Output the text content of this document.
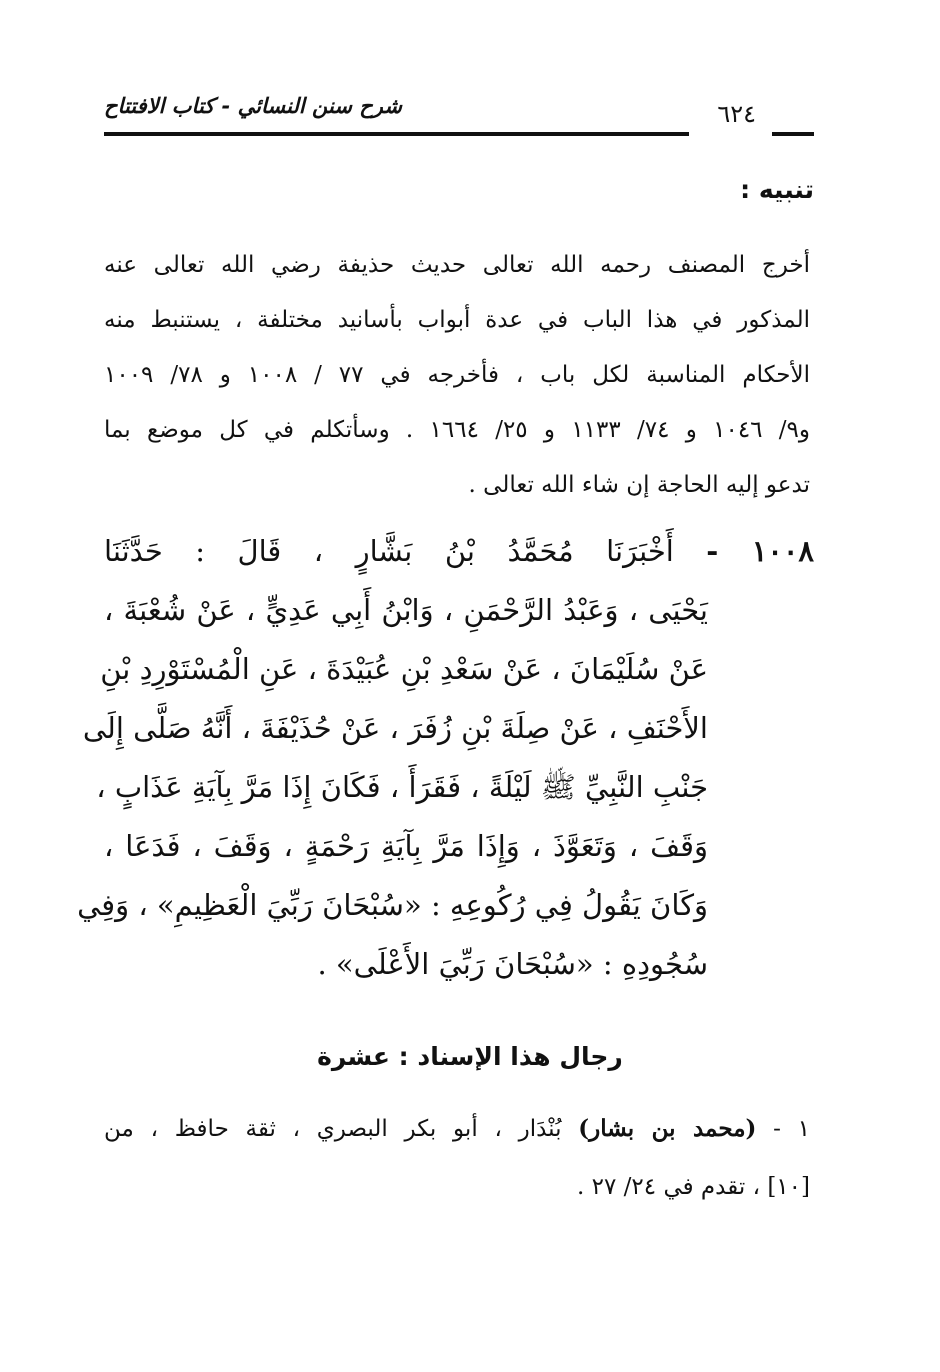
شرح سنن النسائي - كتاب الافتتاح	٦٢٤
تنبيه :
أخرج المصنف رحمه الله تعالى حديث حذيفة رضي الله تعالى عنه
المذكور في هذا الباب في عدة أبواب بأسانيد مختلفة ، يستنبط منه
الأحكام المناسبة لكل باب ، فأخرجه في ٧٧ / ١٠٠٨ و ٧٨/ ١٠٠٩
و٩/ ١٠٤٦ و ٧٤/ ١١٣٣ و ٢٥/ ١٦٦٤ . وسأتكلم في كل موضع بما
تدعو إليه الحاجة إن شاء الله تعالى .
١٠٠٨ - أَخْبَرَنَا مُحَمَّدُ بْنُ بَشَّارٍ ، قَالَ : حَدَّثَنَا
يَحْيَى ، وَعَبْدُ الرَّحْمَنِ ، وَابْنُ أَبِي عَدِيٍّ ، عَنْ شُعْبَةَ ،
عَنْ سُلَيْمَانَ ، عَنْ سَعْدِ بْنِ عُبَيْدَةَ ، عَنِ الْمُسْتَوْرِدِ بْنِ
الأَحْنَفِ ، عَنْ صِلَةَ بْنِ زُفَرَ ، عَنْ حُذَيْفَةَ ، أَنَّهُ صَلَّى إِلَى
جَنْبِ النَّبِيِّ ﷺ لَيْلَةً ، فَقَرَأَ ، فَكَانَ إِذَا مَرَّ بِآيَةِ عَذَابٍ ،
وَقَفَ ، وَتَعَوَّذَ ، وَإِذَا مَرَّ بِآيَةِ رَحْمَةٍ ، وَقَفَ ، فَدَعَا ،
وَكَانَ يَقُولُ فِي رُكُوعِهِ : «سُبْحَانَ رَبِّيَ الْعَظِيمِ» ، وَفِي
سُجُودِهِ : «سُبْحَانَ رَبِّيَ الأَعْلَى» .
رجال هذا الإسناد : عشرة
١ - (محمد بن بشار) بُنْدَار ، أبو بكر البصري ، ثقة حافظ ، من
[١٠] ، تقدم في ٢٤/ ٢٧ .
